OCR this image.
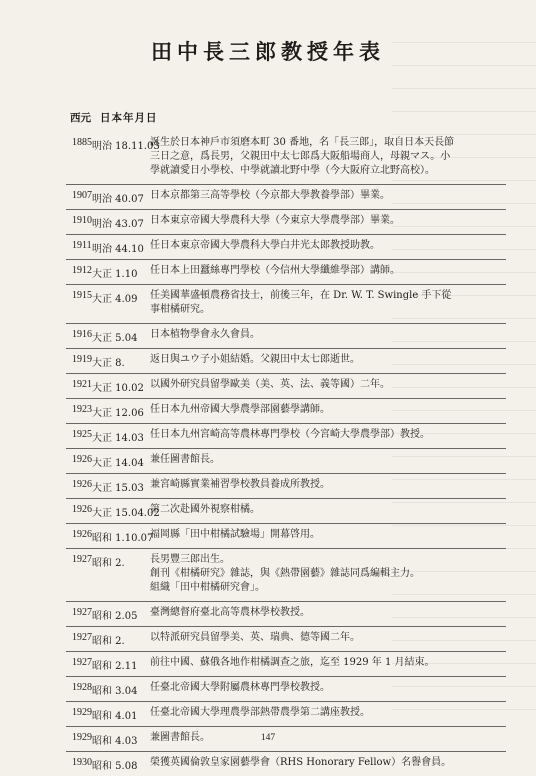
田中長三郎教授年表
西元 日本年月日
1885 明治 18.11.03
誕生於日本神戶市須磨本町 30 番地，名「長三郎」，取自日本天長節
三日之意，爲長男，父親田中太七郎爲大阪船場商人，母親マス。小
學就讀愛日小學校、中學就讀北野中學（今大阪府立北野高校）。
1907 明治 40.07 日本京都第三高等學校（今京都大學教養學部）畢業。
1910 明治 43.07 日本東京帝國大學農科大學（今東京大學農學部）畢業。
1911 明治 44.10 任日本東京帝國大學農科大學白井光太郎教授助教。
1912 大正 1.10 任日本上田蠶絲專門學校（今信州大學纖維學部）講師。
1915 大正 4.09 任美國華盛頓農務省技士，前後三年，在 Dr. W. T. Swingle 手下從
事柑橘研究。
1916 大正 5.04 日本植物學會永久會員。
1919 大正 8.	返日與ユウ子小姐結婚。父親田中太七郎逝世。
1921 大正 10.02 以國外研究員留學歐美（美、英、法、義等國）二年。
1923 大正 12.06 任日本九州帝國大學農學部園藝學講師。
1925 大正 14.03 任日本九州宮崎高等農林專門學校（今宮崎大學農學部）教授。
1926 大正 14.04 兼任圖書館長。
1926 大正 15.03 兼宮崎縣實業補習學校教員養成所教授。
1926 大正 15.04.02
第二次赴國外視察柑橘。
1926 昭和 1.10.07
福岡縣「田中柑橘試驗場」開幕啓用。
1927 昭和 2.	長男豐三郎出生。
創刊《柑橘研究》雜誌，與《熱帶園藝》雜誌同爲編輯主力。
組織「田中柑橘研究會」。
1927 昭和 2.05 臺灣總督府臺北高等農林學校教授。
1927 昭和 2.	以特派研究員留學美、英、瑞典、德等國二年。
1927 昭和 2.11 前往中國、蘇俄各地作柑橘調查之旅，迄至 1929 年 1 月結束。
1928 昭和 3.04 任臺北帝國大學附屬農林專門學校教授。
1929 昭和 4.01 任臺北帝國大學理農學部熱帶農學第二講座教授。
1929 昭和 4.03 兼圖書館長。
1930 昭和 5.08 榮獲英國倫敦皇家園藝學會（RHS Honorary Fellow）名譽會員。
147
